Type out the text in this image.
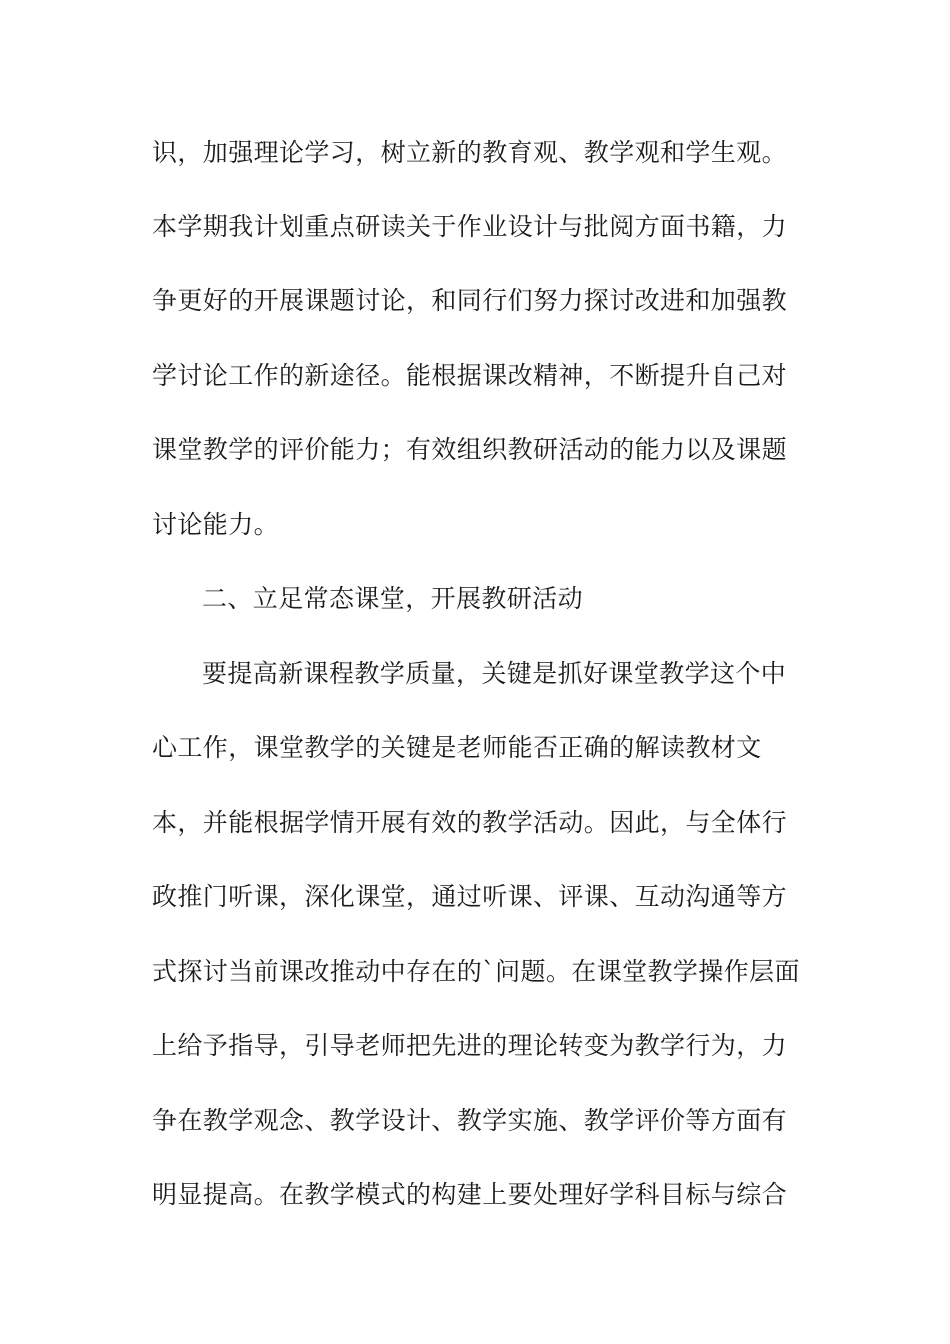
识，加强理论学习，树立新的教育观、教学观和学生观。
本学期我计划重点研读关于作业设计与批阅方面书籍，力
争更好的开展课题讨论，和同行们努力探讨改进和加强教
学讨论工作的新途径。能根据课改精神，不断提升自己对
课堂教学的评价能力；有效组织教研活动的能力以及课题
讨论能力。
二、立足常态课堂，开展教研活动
要提高新课程教学质量，关键是抓好课堂教学这个中
心工作，课堂教学的关键是老师能否正确的解读教材文
本，并能根据学情开展有效的教学活动。因此，与全体行
政推门听课，深化课堂，通过听课、评课、互动沟通等方
式探讨当前课改推动中存在的`问题。在课堂教学操作层面
上给予指导，引导老师把先进的理论转变为教学行为，力
争在教学观念、教学设计、教学实施、教学评价等方面有
明显提高。在教学模式的构建上要处理好学科目标与综合
